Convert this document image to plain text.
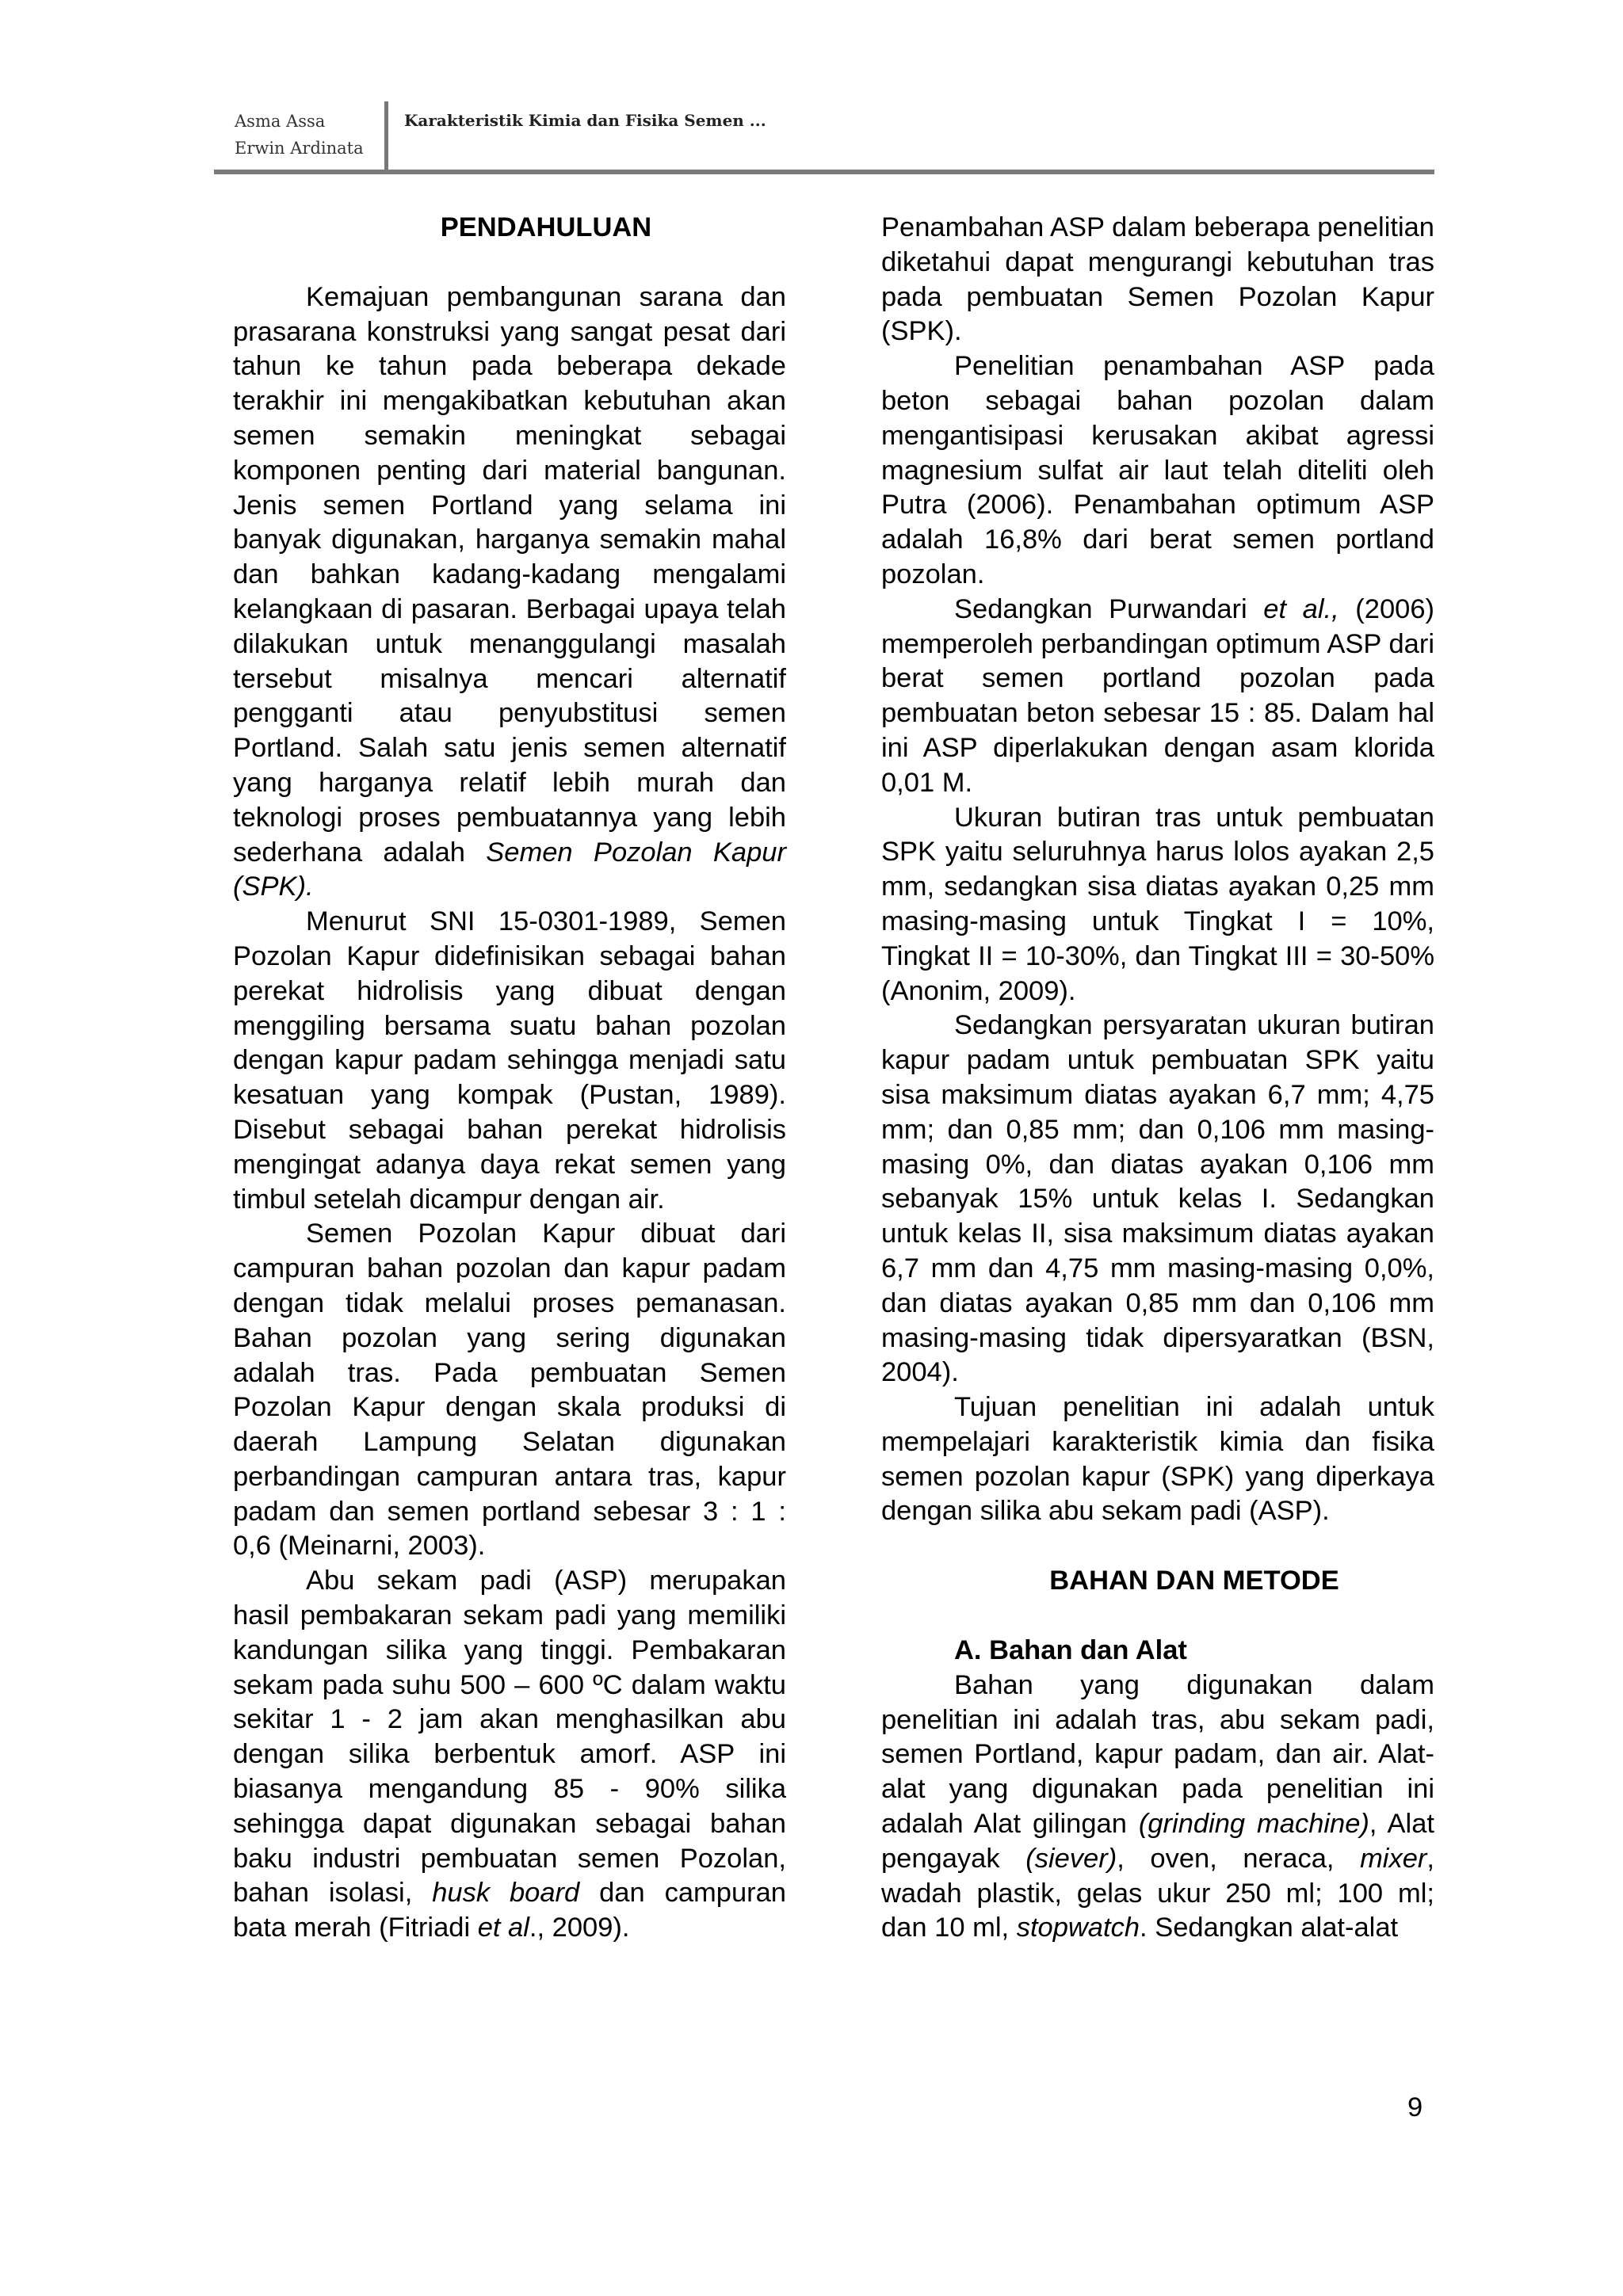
Asma Assa
Erwin Ardinata
Karakteristik Kimia dan Fisika Semen ...

PENDAHULUAN

Kemajuan pembangunan sarana dan prasarana konstruksi yang sangat pesat dari tahun ke tahun pada beberapa dekade terakhir ini mengakibatkan kebutuhan akan semen semakin meningkat sebagai komponen penting dari material bangunan. Jenis semen Portland yang selama ini banyak digunakan, harganya semakin mahal dan bahkan kadang-kadang mengalami kelangkaan di pasaran. Berbagai upaya telah dilakukan untuk menanggulangi masalah tersebut misalnya mencari alternatif pengganti atau penyubstitusi semen Portland. Salah satu jenis semen alternatif yang harganya relatif lebih murah dan teknologi proses pembuatannya yang lebih sederhana adalah Semen Pozolan Kapur (SPK).

Menurut SNI 15-0301-1989, Semen Pozolan Kapur didefinisikan sebagai bahan perekat hidrolisis yang dibuat dengan menggiling bersama suatu bahan pozolan dengan kapur padam sehingga menjadi satu kesatuan yang kompak (Pustan, 1989). Disebut sebagai bahan perekat hidrolisis mengingat adanya daya rekat semen yang timbul setelah dicampur dengan air.

Semen Pozolan Kapur dibuat dari campuran bahan pozolan dan kapur padam dengan tidak melalui proses pemanasan. Bahan pozolan yang sering digunakan adalah tras. Pada pembuatan Semen Pozolan Kapur dengan skala produksi di daerah Lampung Selatan digunakan perbandingan campuran antara tras, kapur padam dan semen portland sebesar 3 : 1 : 0,6 (Meinarni, 2003).

Abu sekam padi (ASP) merupakan hasil pembakaran sekam padi yang memiliki kandungan silika yang tinggi. Pembakaran sekam pada suhu 500 – 600 ºC dalam waktu sekitar 1 - 2 jam akan menghasilkan abu dengan silika berbentuk amorf. ASP ini biasanya mengandung 85 - 90% silika sehingga dapat digunakan sebagai bahan baku industri pembuatan semen Pozolan, bahan isolasi, husk board dan campuran bata merah (Fitriadi et al., 2009).

Penambahan ASP dalam beberapa penelitian diketahui dapat mengurangi kebutuhan tras pada pembuatan Semen Pozolan Kapur (SPK).

Penelitian penambahan ASP pada beton sebagai bahan pozolan dalam mengantisipasi kerusakan akibat agressi magnesium sulfat air laut telah diteliti oleh Putra (2006). Penambahan optimum ASP adalah 16,8% dari berat semen portland pozolan.

Sedangkan Purwandari et al., (2006) memperoleh perbandingan optimum ASP dari berat semen portland pozolan pada pembuatan beton sebesar 15 : 85. Dalam hal ini ASP diperlakukan dengan asam klorida 0,01 M.

Ukuran butiran tras untuk pembuatan SPK yaitu seluruhnya harus lolos ayakan 2,5 mm, sedangkan sisa diatas ayakan 0,25 mm masing-masing untuk Tingkat I = 10%, Tingkat II = 10-30%, dan Tingkat III = 30-50% (Anonim, 2009).

Sedangkan persyaratan ukuran butiran kapur padam untuk pembuatan SPK yaitu sisa maksimum diatas ayakan 6,7 mm; 4,75 mm; dan 0,85 mm; dan 0,106 mm masing-masing 0%, dan diatas ayakan 0,106 mm sebanyak 15% untuk kelas I. Sedangkan untuk kelas II, sisa maksimum diatas ayakan 6,7 mm dan 4,75 mm masing-masing 0,0%, dan diatas ayakan 0,85 mm dan 0,106 mm masing-masing tidak dipersyaratkan (BSN, 2004).

Tujuan penelitian ini adalah untuk mempelajari karakteristik kimia dan fisika semen pozolan kapur (SPK) yang diperkaya dengan silika abu sekam padi (ASP).

BAHAN DAN METODE

A. Bahan dan Alat

Bahan yang digunakan dalam penelitian ini adalah tras, abu sekam padi, semen Portland, kapur padam, dan air. Alat-alat yang digunakan pada penelitian ini adalah Alat gilingan (grinding machine), Alat pengayak (siever), oven, neraca, mixer, wadah plastik, gelas ukur 250 ml; 100 ml; dan 10 ml, stopwatch. Sedangkan alat-alat

9
